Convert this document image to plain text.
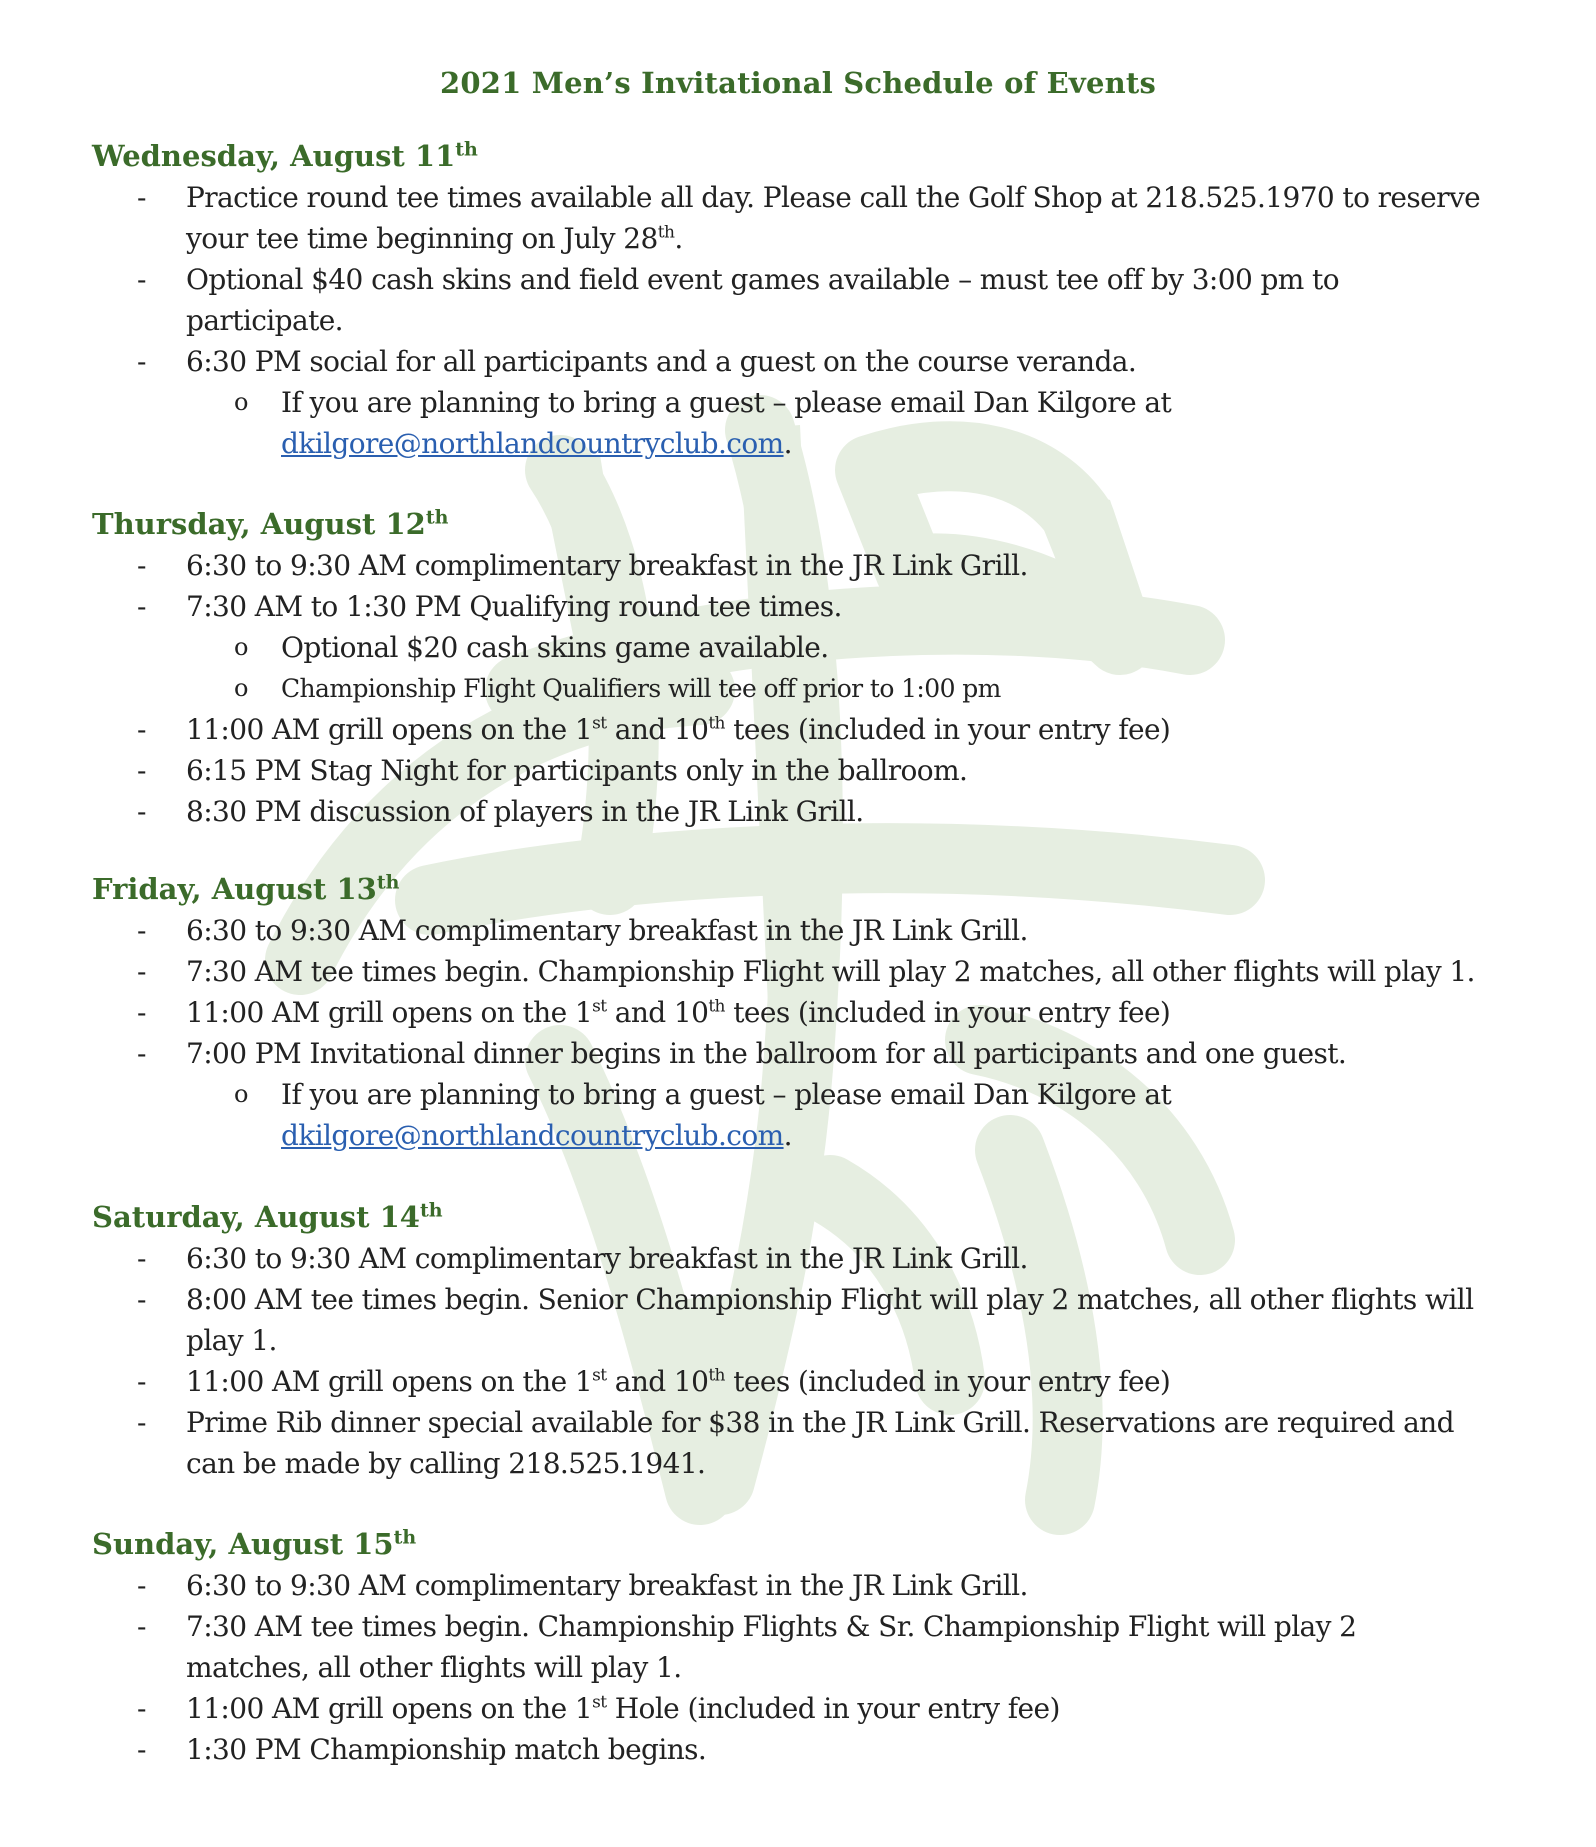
2021 Men’s Invitational Schedule of Events
Wednesday, August 11th
-	Practice round tee times available all day. Please call the Golf Shop at 218.525.1970 to reserve
your tee time beginning on July 28th.
-	Optional $40 cash skins and field event games available – must tee off by 3:00 pm to
participate.
-	6:30 PM social for all participants and a guest on the course veranda.
o If you are planning to bring a guest – please email Dan Kilgore at
dkilgore@northlandcountryclub.com.
Thursday, August 12th
-	6:30 to 9:30 AM complimentary breakfast in the JR Link Grill.
-	7:30 AM to 1:30 PM Qualifying round tee times.
o Optional $20 cash skins game available.
o Championship Flight Qualifiers will tee off prior to 1:00 pm
-	11:00 AM grill opens on the 1st and 10th tees (included in your entry fee)
-	6:15 PM Stag Night for participants only in the ballroom.
-	8:30 PM discussion of players in the JR Link Grill.
Friday, August 13th
-	6:30 to 9:30 AM complimentary breakfast in the JR Link Grill.
-	7:30 AM tee times begin. Championship Flight will play 2 matches, all other flights will play 1.
-	11:00 AM grill opens on the 1st and 10th tees (included in your entry fee)
-	7:00 PM Invitational dinner begins in the ballroom for all participants and one guest.
o If you are planning to bring a guest – please email Dan Kilgore at
dkilgore@northlandcountryclub.com.
Saturday, August 14th
-	6:30 to 9:30 AM complimentary breakfast in the JR Link Grill.
-	8:00 AM tee times begin. Senior Championship Flight will play 2 matches, all other flights will
play 1.
-	11:00 AM grill opens on the 1st and 10th tees (included in your entry fee)
-	Prime Rib dinner special available for $38 in the JR Link Grill. Reservations are required and
can be made by calling 218.525.1941.
Sunday, August 15th
-	6:30 to 9:30 AM complimentary breakfast in the JR Link Grill.
-	7:30 AM tee times begin. Championship Flights & Sr. Championship Flight will play 2
matches, all other flights will play 1.
-	11:00 AM grill opens on the 1st Hole (included in your entry fee)
-	1:30 PM Championship match begins.
